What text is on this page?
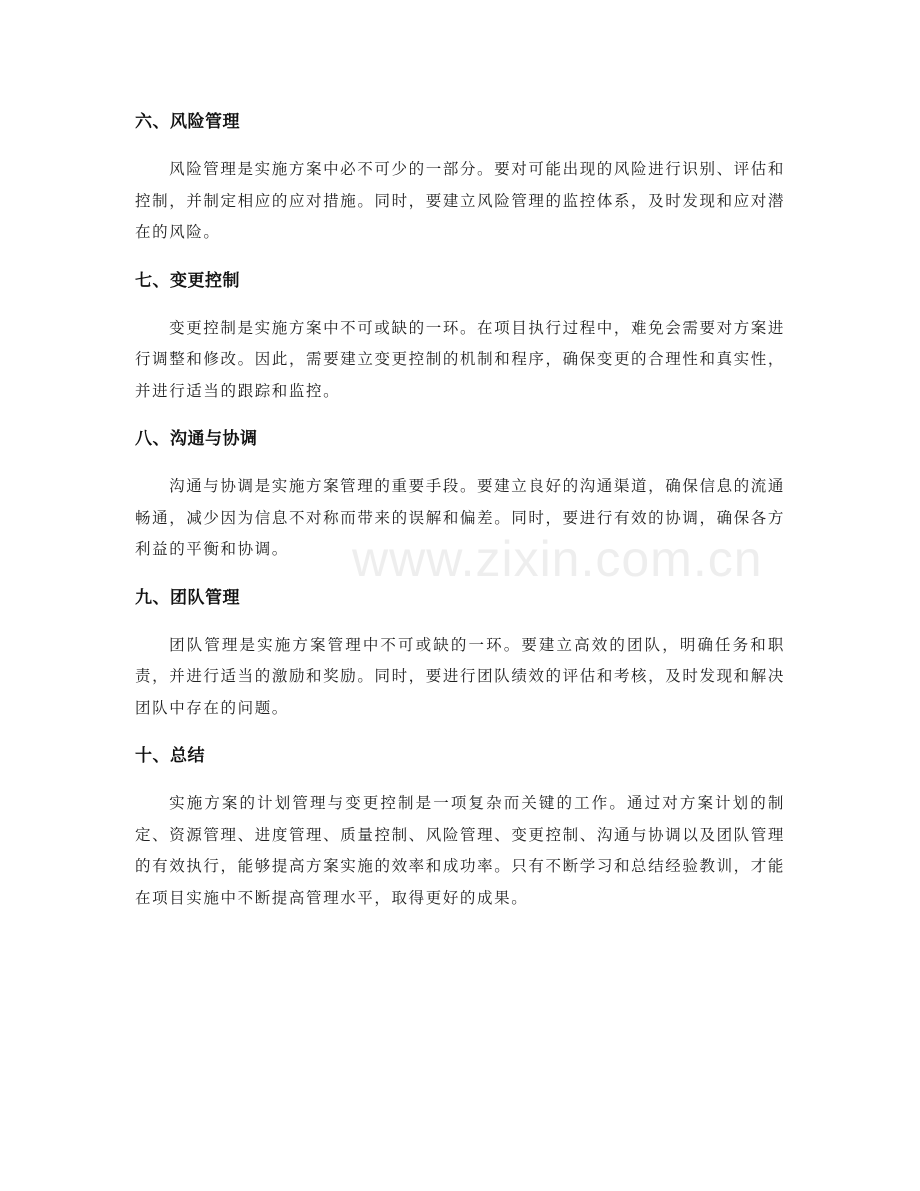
六、风险管理

风险管理是实施方案中必不可少的一部分。要对可能出现的风险进行识别、评估和控制，并制定相应的应对措施。同时，要建立风险管理的监控体系，及时发现和应对潜在的风险。

七、变更控制

变更控制是实施方案中不可或缺的一环。在项目执行过程中，难免会需要对方案进行调整和修改。因此，需要建立变更控制的机制和程序，确保变更的合理性和真实性，并进行适当的跟踪和监控。

八、沟通与协调

沟通与协调是实施方案管理的重要手段。要建立良好的沟通渠道，确保信息的流通畅通，减少因为信息不对称而带来的误解和偏差。同时，要进行有效的协调，确保各方利益的平衡和协调。

九、团队管理

团队管理是实施方案管理中不可或缺的一环。要建立高效的团队，明确任务和职责，并进行适当的激励和奖励。同时，要进行团队绩效的评估和考核，及时发现和解决团队中存在的问题。

十、总结

实施方案的计划管理与变更控制是一项复杂而关键的工作。通过对方案计划的制定、资源管理、进度管理、质量控制、风险管理、变更控制、沟通与协调以及团队管理的有效执行，能够提高方案实施的效率和成功率。只有不断学习和总结经验教训，才能在项目实施中不断提高管理水平，取得更好的成果。

www.zixin.com.cn
